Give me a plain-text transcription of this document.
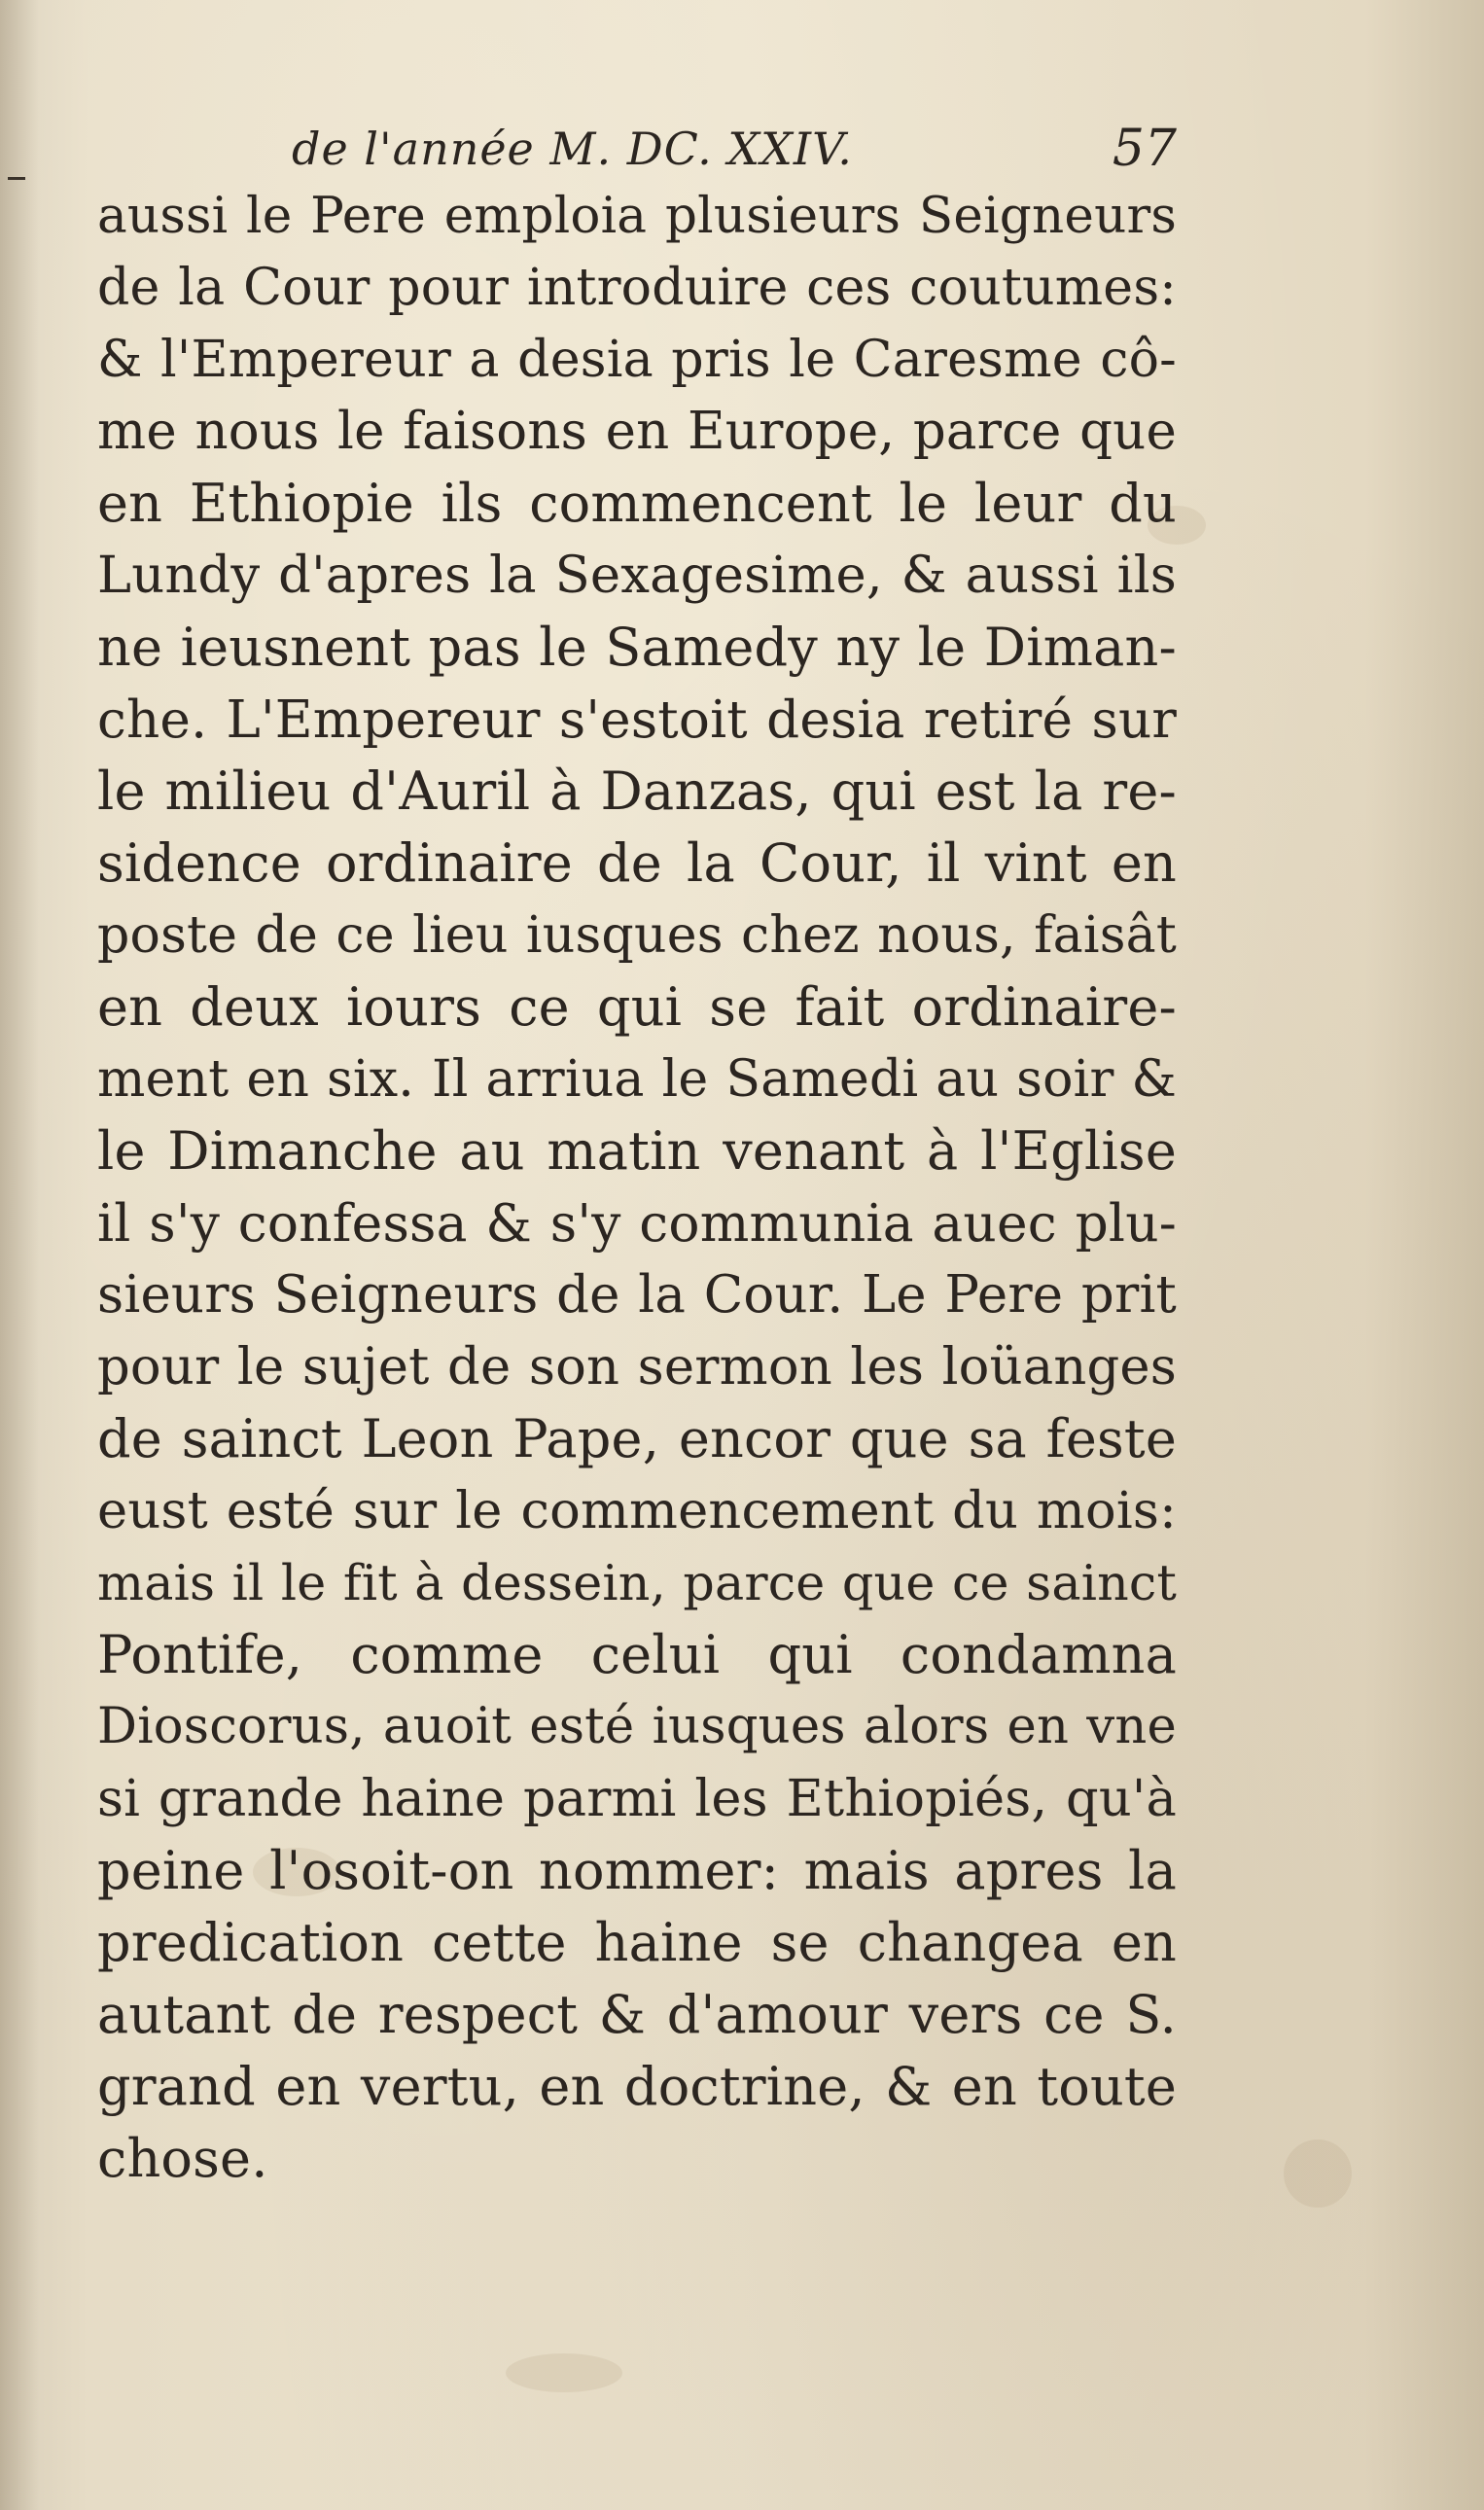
de l'année M. DC. XXIV.	57
aussi le Pere emploia plusieurs Seigneurs
de la Cour pour introduire ces coutumes:
& l'Empereur a desia pris le Caresme cô-
me nous le faisons en Europe, parce que
en Ethiopie ils commencent le leur du
Lundy d'apres la Sexagesime, & aussi ils
ne ieusnent pas le Samedy ny le Diman-
che. L'Empereur s'estoit desia retiré sur
le milieu d'Auril à Danzas, qui est la re-
sidence ordinaire de la Cour, il vint en
poste de ce lieu iusques chez nous, faisât
en deux iours ce qui se fait ordinaire-
ment en six. Il arriua le Samedi au soir &
le Dimanche au matin venant à l'Eglise
il s'y confessa & s'y communia auec plu-
sieurs Seigneurs de la Cour. Le Pere prit
pour le sujet de son sermon les loüanges
de sainct Leon Pape, encor que sa feste
eust esté sur le commencement du mois:
mais il le fit à dessein, parce que ce sainct
Pontife, comme celui qui condamna
Dioscorus, auoit esté iusques alors en vne
si grande haine parmi les Ethiopiés, qu'à
peine l'osoit-on nommer: mais apres la
predication cette haine se changea en
autant de respect & d'amour vers ce S.
grand en vertu, en doctrine, & en toute
chose.
